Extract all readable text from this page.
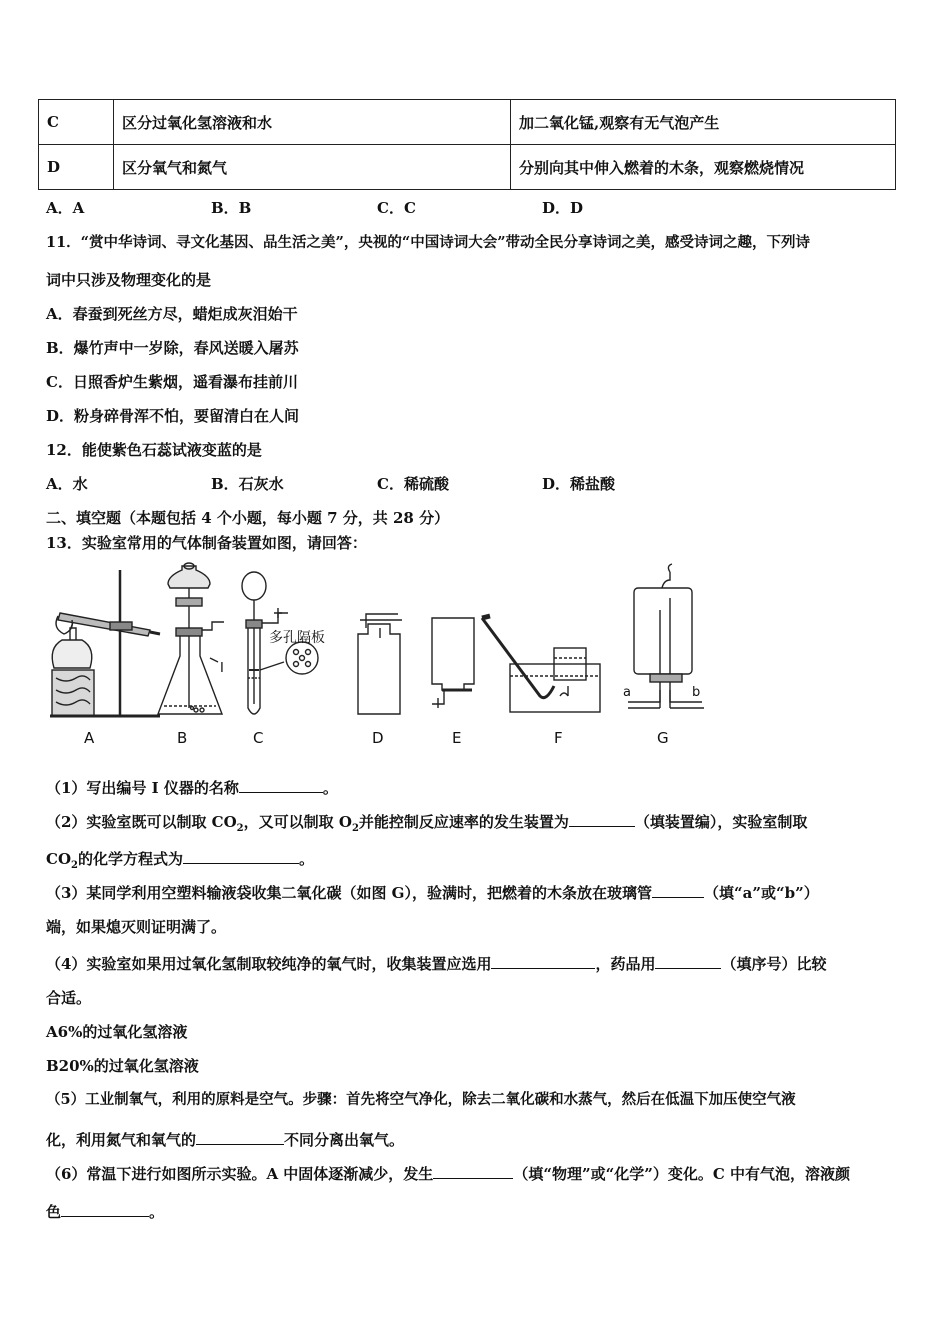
C	区分过氧化氢溶液和水	加二氧化锰,观察有无气泡产生
D	区分氧气和氮气	分别向其中伸入燃着的木条，观察燃烧情况
A．A	B．B	C．C	D．D
11．“赏中华诗词、寻文化基因、品生活之美”，央视的“中国诗词大会”带动全民分享诗词之美，感受诗词之趣，下列诗
词中只涉及物理变化的是
A．春蚕到死丝方尽，蜡炬成灰泪始干
B．爆竹声中一岁除，春风送暖入屠苏
C．日照香炉生紫烟，遥看瀑布挂前川
D．粉身碎骨浑不怕，要留清白在人间
12．能使紫色石蕊试液变蓝的是
A．水	B．石灰水	C．稀硫酸	D．稀盐酸
二、填空题（本题包括 4 个小题，每小题 7 分，共 28 分）
13．实验室常用的气体制备装置如图，请回答：
多孔隔板
I
a	b
A	B	C	D	E	F	G
（1）写出编号 I 仪器的名称	。
（2）实验室既可以制取 $CO_2$，又可以制取 $O_2$并能控制反应速率的发生装置为	（填装置编），实验室制取
$CO_2$的化学方程式为	。
（3）某同学利用空塑料输液袋收集二氧化碳（如图 G），验满时，把燃着的木条放在玻璃管	（填“a”或“b”）
端，如果熄灭则证明满了。
（4）实验室如果用过氧化氢制取较纯净的氧气时，收集装置应选用	，药品用	（填序号）比较
合适。
A6%的过氧化氢溶液
B20%的过氧化氢溶液
（5）工业制氧气，利用的原料是空气。步骤：首先将空气净化，除去二氧化碳和水蒸气，然后在低温下加压使空气液
化，利用氮气和氧气的	不同分离出氧气。
（6）常温下进行如图所示实验。A 中固体逐渐减少，发生	（填“物理”或“化学”）变化。C 中有气泡，溶液颜
色	。
